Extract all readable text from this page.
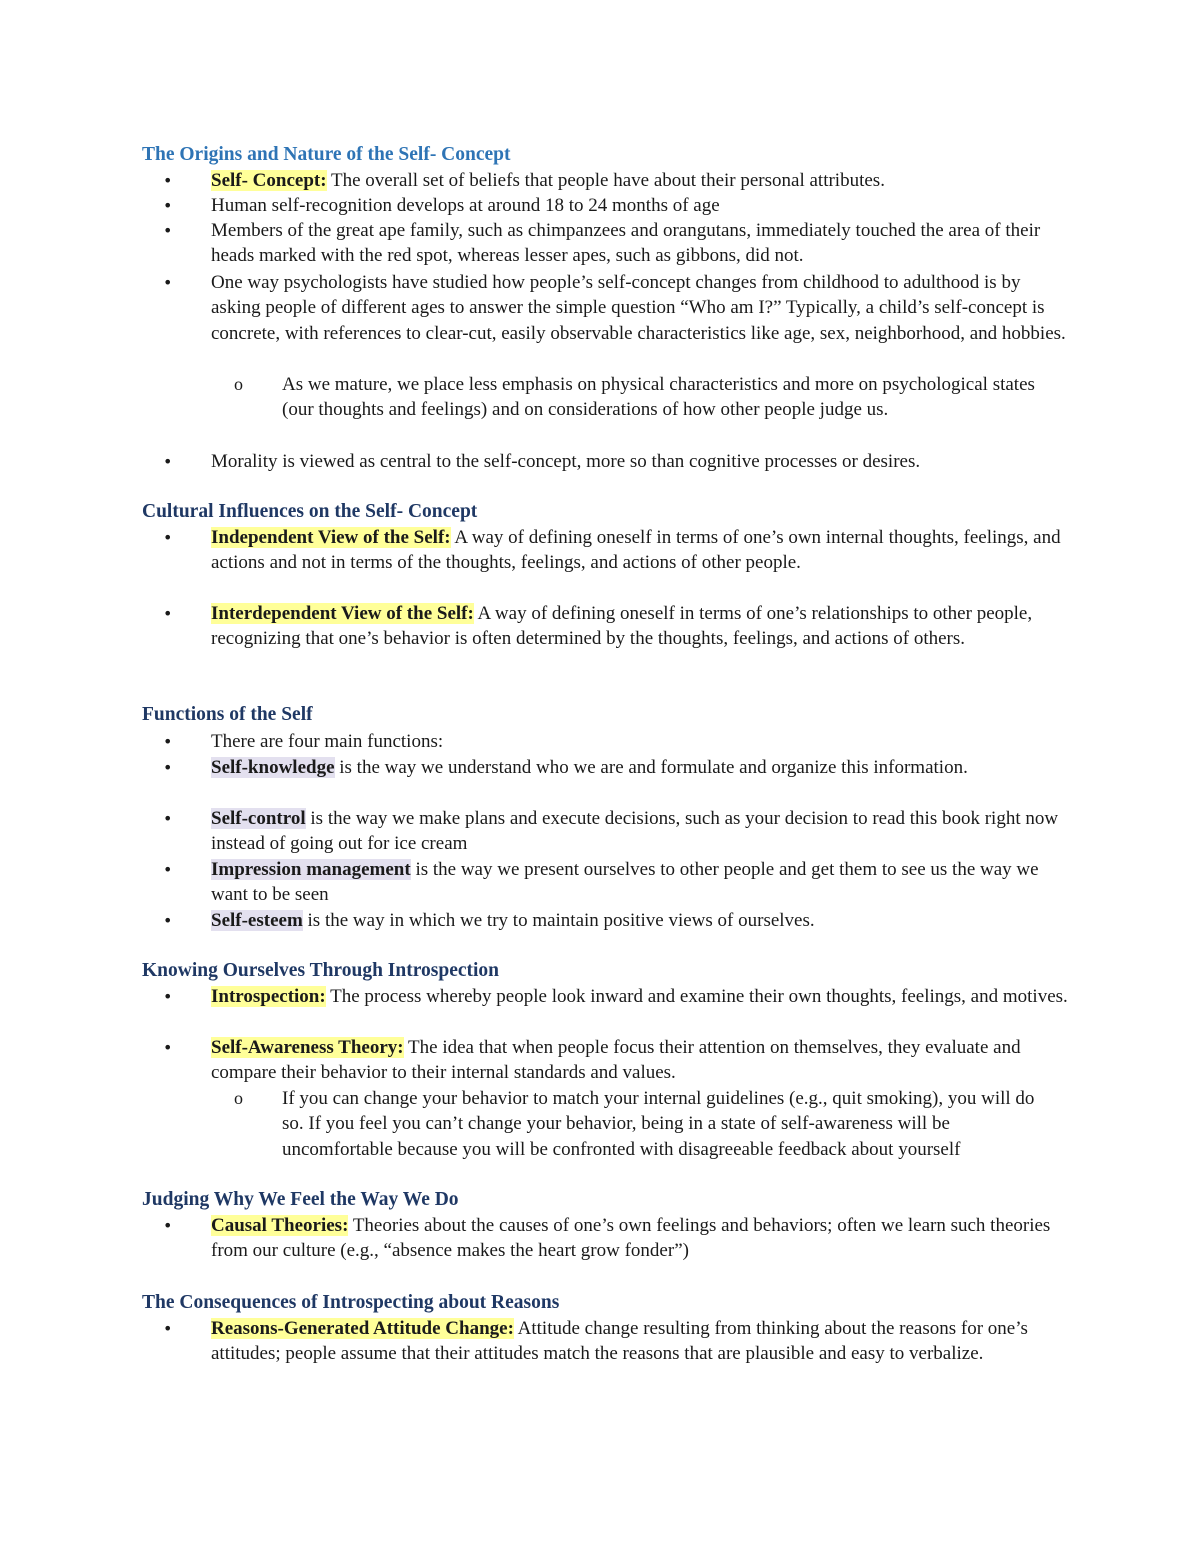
The Origins and Nature of the Self- Concept
•	Self- Concept: The overall set of beliefs that people have about their personal attributes.
•	Human self-recognition develops at around 18 to 24 months of age
•	Members of the great ape family, such as chimpanzees and orangutans, immediately touched the area of their heads marked with the red spot, whereas lesser apes, such as gibbons, did not.
•	One way psychologists have studied how people’s self-concept changes from childhood to adulthood is by asking people of different ages to answer the simple question “Who am I?” Typically, a child’s self-concept is concrete, with references to clear-cut, easily observable characteristics like age, sex, neighborhood, and hobbies.
o	As we mature, we place less emphasis on physical characteristics and more on psychological states (our thoughts and feelings) and on considerations of how other people judge us.
•	Morality is viewed as central to the self-concept, more so than cognitive processes or desires.
Cultural Influences on the Self- Concept
•	Independent View of the Self: A way of defining oneself in terms of one’s own internal thoughts, feelings, and actions and not in terms of the thoughts, feelings, and actions of other people.
•	Interdependent View of the Self: A way of defining oneself in terms of one’s relationships to other people, recognizing that one’s behavior is often determined by the thoughts, feelings, and actions of others.
Functions of the Self
•	There are four main functions:
•	Self-knowledge is the way we understand who we are and formulate and organize this information.
•	Self-control is the way we make plans and execute decisions, such as your decision to read this book right now instead of going out for ice cream
•	Impression management is the way we present ourselves to other people and get them to see us the way we want to be seen
•	Self-esteem is the way in which we try to maintain positive views of ourselves.
Knowing Ourselves Through Introspection
•	Introspection: The process whereby people look inward and examine their own thoughts, feelings, and motives.
•	Self-Awareness Theory: The idea that when people focus their attention on themselves, they evaluate and compare their behavior to their internal standards and values.
o	If you can change your behavior to match your internal guidelines (e.g., quit smoking), you will do so. If you feel you can’t change your behavior, being in a state of self-awareness will be uncomfortable because you will be confronted with disagreeable feedback about yourself
Judging Why We Feel the Way We Do
•	Causal Theories: Theories about the causes of one’s own feelings and behaviors; often we learn such theories from our culture (e.g., “absence makes the heart grow fonder”)
The Consequences of Introspecting about Reasons
•	Reasons-Generated Attitude Change: Attitude change resulting from thinking about the reasons for one’s attitudes; people assume that their attitudes match the reasons that are plausible and easy to verbalize.
